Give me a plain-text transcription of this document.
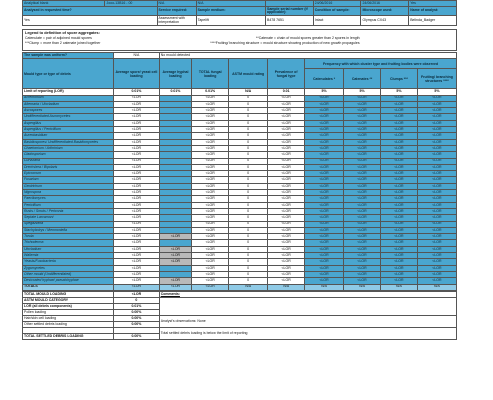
Analytical blank	Jooo-13B16 - 00	N/A	N/A		24/06/2016	24/06/2016	Yes
Analysed in requested time?		Service required:	Sample medium:	Sample serial number (if applicable):	Condition of sample:	Microscope used:	Name of analyst:
Yes		Assessment with interpretation	Tapelift	B478 7651	Intact	Olympus CX43	Belinda_Badger
Legend to definition of spore aggregates:
Catenulate = pair of adjoined mould spores	**Catenate = chain of mould spores greater than 2 spores in length
***Clump = more than 2 catenate joined together	****Fruiting/ branching structure = mould structure showing production of new growth propagules
The sample was uniform?	N/A	No mould detected							
Mould type or type of debris	Average spore/ yeast cell loading	Average hyphal loading	TOTAL fungal loading	ASTM mould rating	Prevalence of fungal type	Frequency with which cluster type and fruiting bodies were observed			
						Catenulates *	Catenates **	Clumps ***	Fruiting/ branching structures ****
Limit of reporting (LOR)	0.01%	0.01%	0.01%	N/A	0.01	5%	5%	5%	5%
Acremonium	<LOR		<LOR	0	<LOR	<LOR	<LOR	<LOR	<LOR
Alternaria / Ulocladium	<LOR		<LOR	0	<LOR	<LOR	<LOR	<LOR	<LOR
Ascospores	<LOR		<LOR	0	<LOR	<LOR	<LOR	<LOR	<LOR
Undifferentiated Ascomycetes	<LOR		<LOR	0	<LOR	<LOR	<LOR	<LOR	<LOR
Aspergillus	<LOR		<LOR	0	<LOR	<LOR	<LOR	<LOR	<LOR
Aspergillus / Penicillium	<LOR		<LOR	0	<LOR	<LOR	<LOR	<LOR	<LOR
Aureobasidium	<LOR		<LOR	0	<LOR	<LOR	<LOR	<LOR	<LOR
Basidiospores/ Undifferentiated Basidiomycetes	<LOR		<LOR	0	<LOR	<LOR	<LOR	<LOR	<LOR
Chaetomium / Arthrinium	<LOR		<LOR	0	<LOR	<LOR	<LOR	<LOR	<LOR
Cladosporium	<LOR		<LOR	0	<LOR	<LOR	<LOR	<LOR	<LOR
Curvularia	<LOR		<LOR	0	<LOR	<LOR	<LOR	<LOR	<LOR
Drechslera / Bipolaris	<LOR		<LOR	0	<LOR	<LOR	<LOR	<LOR	<LOR
Epicoccum	<LOR		<LOR	0	<LOR	<LOR	<LOR	<LOR	<LOR
Fusarium	<LOR		<LOR	0	<LOR	<LOR	<LOR	<LOR	<LOR
Geotrichum	<LOR		<LOR	0	<LOR	<LOR	<LOR	<LOR	<LOR
Nigrospora	<LOR		<LOR	0	<LOR	<LOR	<LOR	<LOR	<LOR
Paecilomyces	<LOR		<LOR	0	<LOR	<LOR	<LOR	<LOR	<LOR
Penicillium	<LOR		<LOR	0	<LOR	<LOR	<LOR	<LOR	<LOR
Rusts / Smuts / Periconia	<LOR		<LOR	0	<LOR	<LOR	<LOR	<LOR	<LOR
Septate Larvamoni	<LOR		<LOR	0	<LOR	<LOR	<LOR	<LOR	<LOR
Spegazzinia	<LOR		<LOR	0	<LOR	<LOR	<LOR	<LOR	<LOR
Stachybotrys / Memnoniella	<LOR		<LOR	0	<LOR	<LOR	<LOR	<LOR	<LOR
Torula	<LOR	<LOR	<LOR	0	<LOR	<LOR	<LOR	<LOR	<LOR
Trichoderma	<LOR		<LOR	0	<LOR	<LOR	<LOR	<LOR	<LOR
Ulocladium	<LOR	<LOR	<LOR	0	<LOR	<LOR	<LOR	<LOR	<LOR
Wallemia	<LOR	<LOR	<LOR	0	<LOR	<LOR	<LOR	<LOR	<LOR
Yeasts/Fusobacteria	<LOR	<LOR	<LOR	0	<LOR	<LOR	<LOR	<LOR	<LOR
Zygomycetes	<LOR		<LOR	0	<LOR	<LOR	<LOR	<LOR	<LOR
Other mould (Undifferentiated)	<LOR		<LOR	0	<LOR	<LOR	<LOR	<LOR	<LOR
Desiccated hyphae/ pseudohyphae	<LOR	<LOR	<LOR	0	<LOR	<LOR	<LOR	<LOR	<LOR
TOTALS	<LOR	<LOR	<LOR	N/A	N/A	N/A	N/A	N/A	N/A
TOTAL MOULD LOADING	<LOR	Comments:
ASTM MOULD CATEGORY	0	

LOR (all debris components)	0.01%	
Pollen loading	0.00%	
Hair/skin cell loading	0.00%	Analyst's observations: None

Other settled debris loading	0.00%	

		Total settled debris loading is below the limit of reporting

TOTAL SETTLED DEBRIS LOADING	0.00%	
